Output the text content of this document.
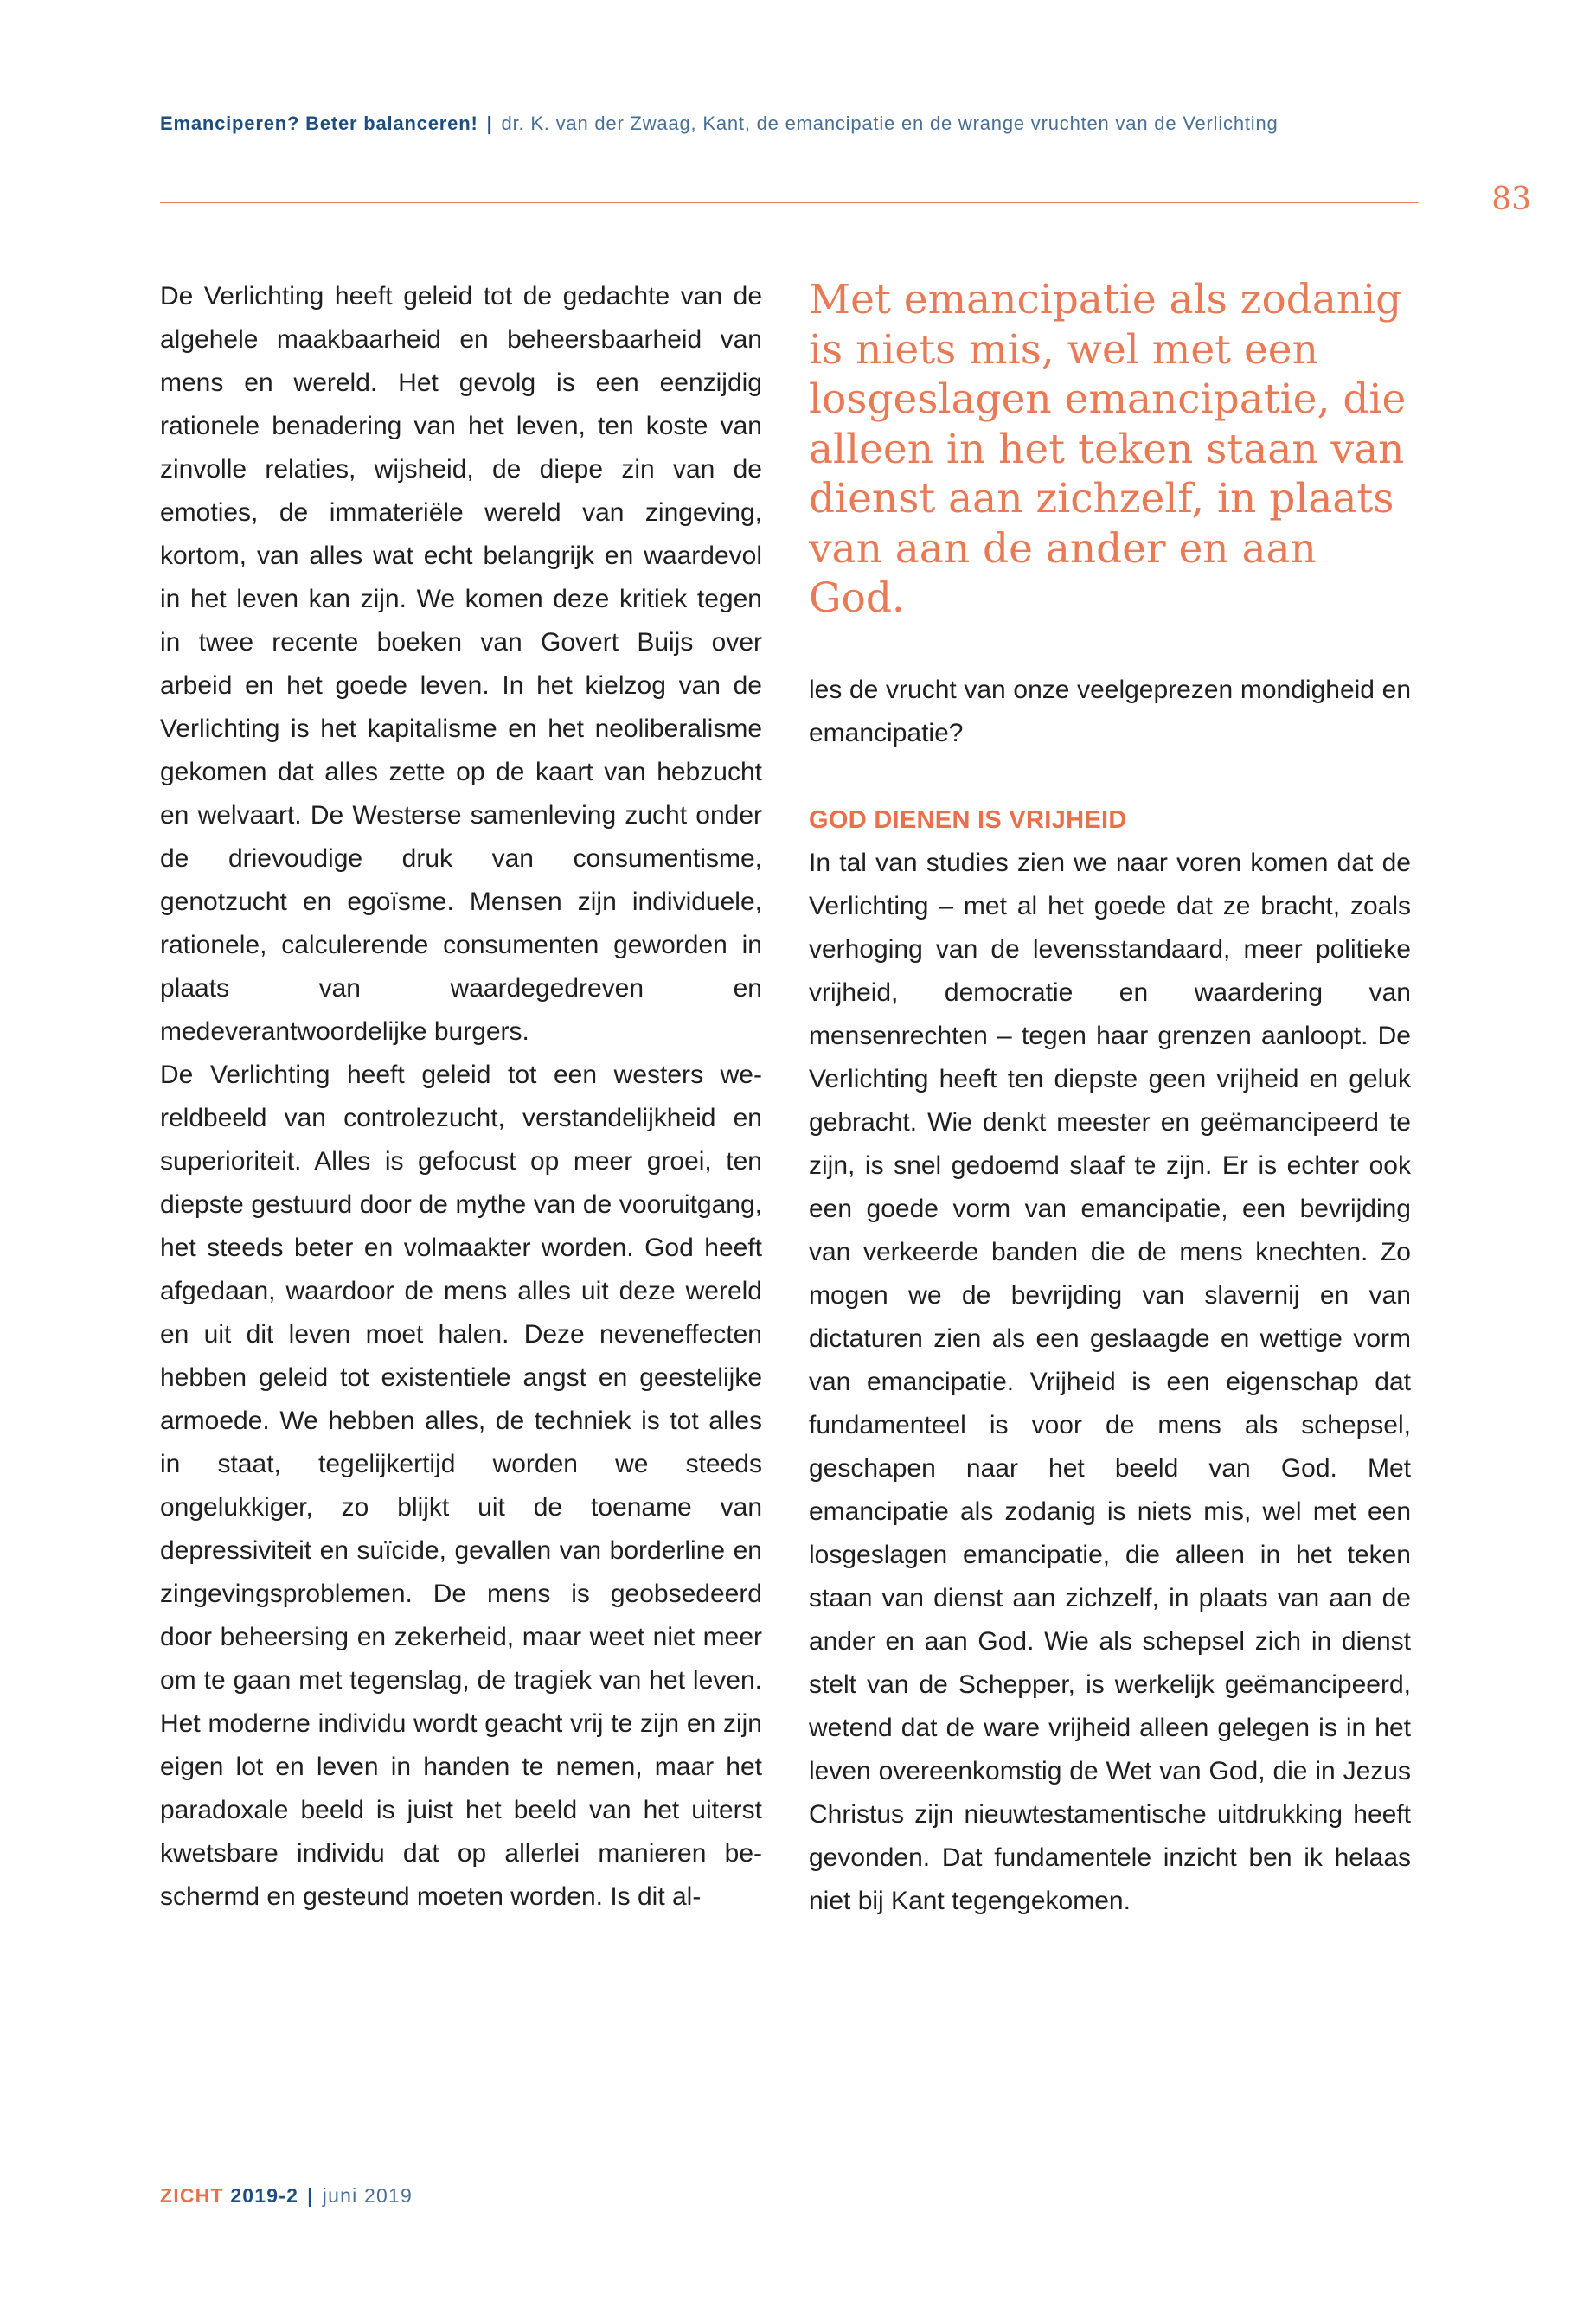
Emanciperen? Beter balanceren! | dr. K. van der Zwaag, Kant, de emancipatie en de wrange vruchten van de Verlichting
83

De Verlichting heeft geleid tot de gedachte van de algehele maakbaarheid en beheersbaarheid van mens en wereld. Het gevolg is een eenzijdig rationele benadering van het leven, ten koste van zinvolle relaties, wijsheid, de diepe zin van de emoties, de immateriële wereld van zingeving, kortom, van alles wat echt belangrijk en waardevol in het leven kan zijn. We komen deze kritiek tegen in twee recente boeken van Govert Buijs over arbeid en het goede leven. In het kielzog van de Verlichting is het kapitalisme en het neoliberalisme gekomen dat alles zette op de kaart van hebzucht en welvaart. De Westerse samenleving zucht onder de drievoudige druk van consumentisme, genotzucht en egoïsme. Mensen zijn individuele, rationele, calculerende consumenten geworden in plaats van waardegedreven en medeverantwoordelijke burgers.

De Verlichting heeft geleid tot een westers wereldbeeld van controlezucht, verstandelijkheid en superioriteit. Alles is gefocust op meer groei, ten diepste gestuurd door de mythe van de vooruitgang, het steeds beter en volmaakter worden. God heeft afgedaan, waardoor de mens alles uit deze wereld en uit dit leven moet halen. Deze neveneffecten hebben geleid tot existentiele angst en geestelijke armoede. We hebben alles, de techniek is tot alles in staat, tegelijkertijd worden we steeds ongelukkiger, zo blijkt uit de toename van depressiviteit en suïcide, gevallen van borderline en zingevingsproblemen. De mens is geobsedeerd door beheersing en zekerheid, maar weet niet meer om te gaan met tegenslag, de tragiek van het leven. Het moderne individu wordt geacht vrij te zijn en zijn eigen lot en leven in handen te nemen, maar het paradoxale beeld is juist het beeld van het uiterst kwetsbare individu dat op allerlei manieren beschermd en gesteund moeten worden. Is dit al-

Met emancipatie als zodanig is niets mis, wel met een losgeslagen emancipatie, die alleen in het teken staan van dienst aan zichzelf, in plaats van aan de ander en aan God.

les de vrucht van onze veelgeprezen mondigheid en emancipatie?

GOD DIENEN IS VRIJHEID

In tal van studies zien we naar voren komen dat de Verlichting – met al het goede dat ze bracht, zoals verhoging van de levensstandaard, meer politieke vrijheid, democratie en waardering van mensenrechten – tegen haar grenzen aanloopt. De Verlichting heeft ten diepste geen vrijheid en geluk gebracht. Wie denkt meester en geëmancipeerd te zijn, is snel gedoemd slaaf te zijn. Er is echter ook een goede vorm van emancipatie, een bevrijding van verkeerde banden die de mens knechten. Zo mogen we de bevrijding van slavernij en van dictaturen zien als een geslaagde en wettige vorm van emancipatie. Vrijheid is een eigenschap dat fundamenteel is voor de mens als schepsel, geschapen naar het beeld van God. Met emancipatie als zodanig is niets mis, wel met een losgeslagen emancipatie, die alleen in het teken staan van dienst aan zichzelf, in plaats van aan de ander en aan God. Wie als schepsel zich in dienst stelt van de Schepper, is werkelijk geëmancipeerd, wetend dat de ware vrijheid alleen gelegen is in het leven overeenkomstig de Wet van God, die in Jezus Christus zijn nieuwtestamentische uitdrukking heeft gevonden. Dat fundamentele inzicht ben ik helaas niet bij Kant tegengekomen.

ZICHT 2019-2 | juni 2019
